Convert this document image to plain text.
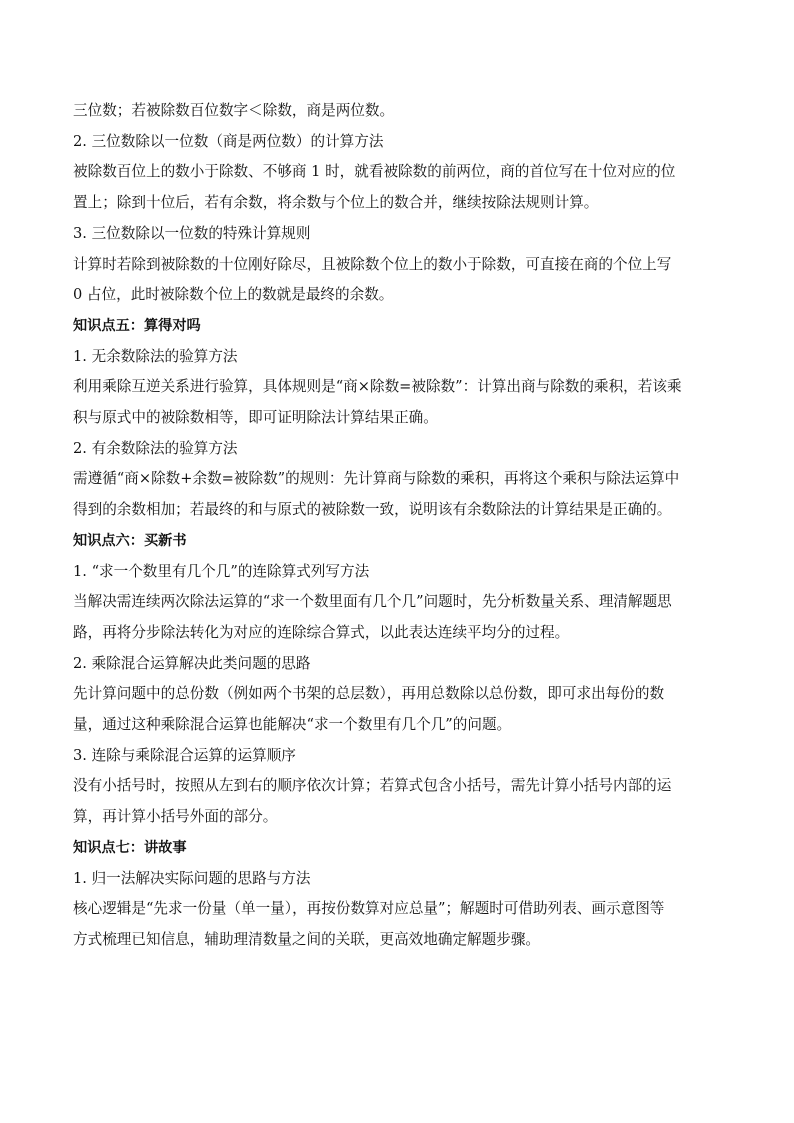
三位数；若被除数百位数字＜除数，商是两位数。
2. 三位数除以一位数（商是两位数）的计算方法
被除数百位上的数小于除数、不够商 1 时，就看被除数的前两位，商的首位写在十位对应的位
置上；除到十位后，若有余数，将余数与个位上的数合并，继续按除法规则计算。
3. 三位数除以一位数的特殊计算规则
计算时若除到被除数的十位刚好除尽，且被除数个位上的数小于除数，可直接在商的个位上写
0 占位，此时被除数个位上的数就是最终的余数。
知识点五：算得对吗
1. 无余数除法的验算方法
利用乘除互逆关系进行验算，具体规则是“商×除数=被除数”：计算出商与除数的乘积，若该乘
积与原式中的被除数相等，即可证明除法计算结果正确。
2. 有余数除法的验算方法
需遵循“商×除数+余数=被除数”的规则：先计算商与除数的乘积，再将这个乘积与除法运算中
得到的余数相加；若最终的和与原式的被除数一致，说明该有余数除法的计算结果是正确的。
知识点六：买新书
1. “求一个数里有几个几”的连除算式列写方法
当解决需连续两次除法运算的“求一个数里面有几个几”问题时，先分析数量关系、理清解题思
路，再将分步除法转化为对应的连除综合算式，以此表达连续平均分的过程。
2. 乘除混合运算解决此类问题的思路
先计算问题中的总份数（例如两个书架的总层数），再用总数除以总份数，即可求出每份的数
量，通过这种乘除混合运算也能解决“求一个数里有几个几”的问题。
3. 连除与乘除混合运算的运算顺序
没有小括号时，按照从左到右的顺序依次计算；若算式包含小括号，需先计算小括号内部的运
算，再计算小括号外面的部分。
知识点七：讲故事
1. 归一法解决实际问题的思路与方法
核心逻辑是“先求一份量（单一量），再按份数算对应总量”；解题时可借助列表、画示意图等
方式梳理已知信息，辅助理清数量之间的关联，更高效地确定解题步骤。
